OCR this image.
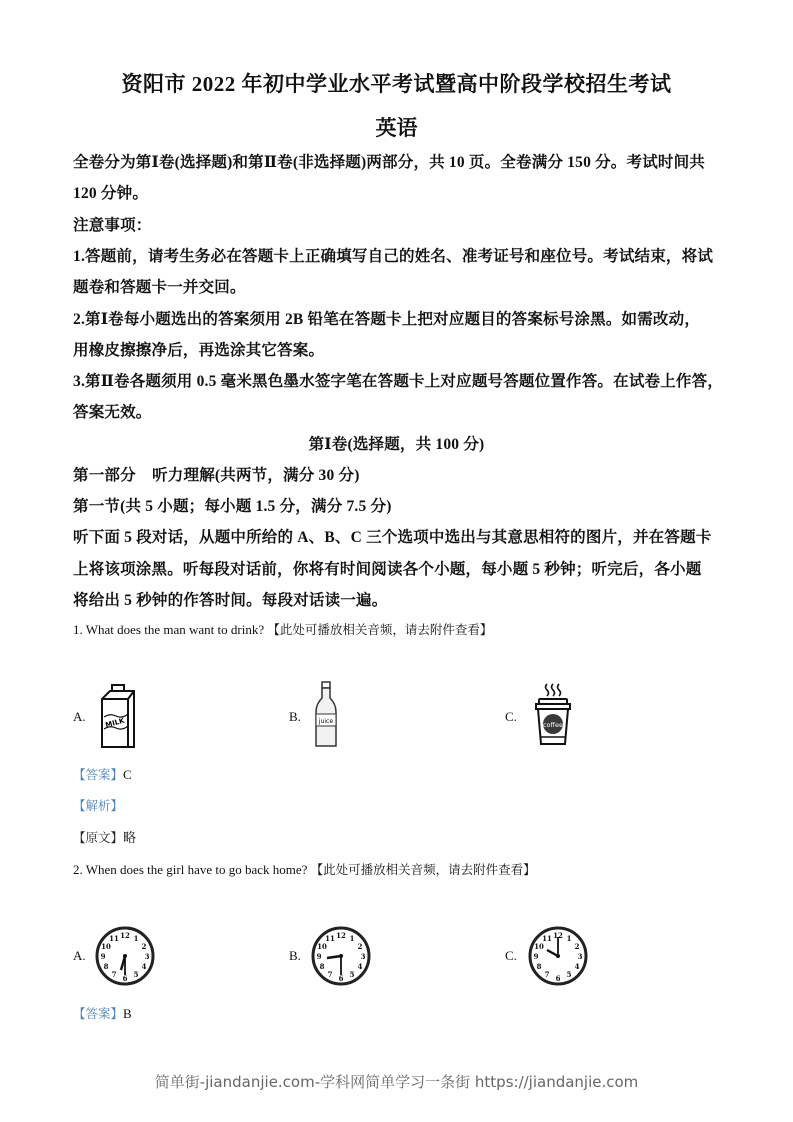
资阳市 2022 年初中学业水平考试暨高中阶段学校招生考试
英语
全卷分为第Ⅰ卷(选择题)和第Ⅱ卷(非选择题)两部分，共 10 页。全卷满分 150 分。考试时间共
120 分钟。
注意事项：
1.答题前，请考生务必在答题卡上正确填写自己的姓名、准考证号和座位号。考试结束，将试
题卷和答题卡一并交回。
2.第Ⅰ卷每小题选出的答案须用 2B 铅笔在答题卡上把对应题目的答案标号涂黑。如需改动，
用橡皮擦擦净后，再选涂其它答案。
3.第Ⅱ卷各题须用 0.5 毫米黑色墨水签字笔在答题卡上对应题号答题位置作答。在试卷上作答，
答案无效。
第Ⅰ卷(选择题，共 100 分)
第一部分    听力理解(共两节，满分 30 分)
第一节(共 5 小题；每小题 1.5 分，满分 7.5 分)
听下面 5 段对话，从题中所给的 A、B、C 三个选项中选出与其意思相符的图片，并在答题卡
上将该项涂黑。听每段对话前，你将有时间阅读各个小题，每小题 5 秒钟；听完后，各小题
将给出 5 秒钟的作答时间。每段对话读一遍。
1. What does the man want to drink? 【此处可播放相关音频，请去附件查看】
A.	MILK	B.	juice	C.
coffee
【答案】C
【解析】
【原文】略
2. When does the girl have to go back home? 【此处可播放相关音频，请去附件查看】
A.
12 1
2
3
4
5
6
7
8
9
10
11
B.
12 1
2
3
4
5
6
7
8
9
10
11
C.
12 1
2
3
4
5
6
7
8
9
10
11
【答案】B
简单街-jiandanjie.com-学科网简单学习一条街 https://jiandanjie.com
